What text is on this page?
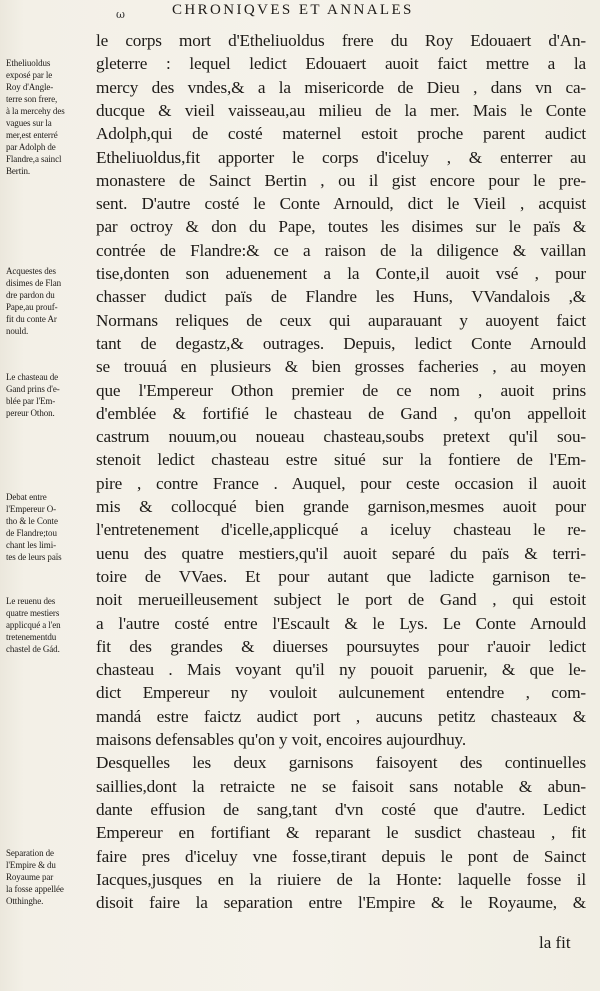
ω	CHRONIQVES ET ANNALES
Etheliuoldus
exposé par le
Roy d'Angle-
terre son frere,
à la mercehy des
vagues sur la
mer,est enterré
par Adolph de
Flandre,a saincl
Bertin.
Acquestes des
disimes de Flan
dre pardon du
Pape,au prouf-
fit du conte Ar
nould.
Le chasteau de
Gand prins d'e-
blée par l'Em-
pereur Othon.
Debat entre
l'Empereur O-
tho & le Conte
de Flandre;tou
chant les limi-
tes de leurs païs
Le reuenu des
quatre mestiers
applicqué a l'en
tretenementdu
chastel de Gád.
Separation de
l'Empire & du
Royaume par
la fosse appellée
Otthinghe.
le corps mort d'Etheliuoldus frere du Roy Edouaert d'An-
gleterre : lequel ledict Edouaert auoit faict mettre a la
mercy des vndes,& a la misericorde de Dieu , dans vn ca-
ducque & vieil vaisseau,au milieu de la mer. Mais le Conte
Adolph,qui de costé maternel estoit proche parent audict
Etheliuoldus,fit apporter le corps d'iceluy , & enterrer au
monastere de Sainct Bertin , ou il gist encore pour le pre-
sent. D'autre costé le Conte Arnould, dict le Vieil , acquist
par octroy & don du Pape, toutes les disimes sur le païs &
contrée de Flandre:& ce a raison de la diligence & vaillan
tise,donten son aduenement a la Conte,il auoit vsé , pour
chasser dudict païs de Flandre les Huns, VVandalois ,&
Normans reliques de ceux qui auparauant y auoyent faict
tant de degastz,& outrages. Depuis, ledict Conte Arnould
se trouuá en plusieurs & bien grosses facheries , au moyen
que l'Empereur Othon premier de ce nom , auoit prins
d'emblée & fortifié le chasteau de Gand , qu'on appelloit
castrum nouum,ou noueau chasteau,soubs pretext qu'il sou-
stenoit ledict chasteau estre situé sur la fontiere de l'Em-
pire , contre France . Auquel, pour ceste occasion il auoit
mis & collocqué bien grande garnison,mesmes auoit pour
l'entretenement d'icelle,applicqué a iceluy chasteau le re-
uenu des quatre mestiers,qu'il auoit separé du païs & terri-
toire de VVaes. Et pour autant que ladicte garnison te-
noit merueilleusement subject le port de Gand , qui estoit
a l'autre costé entre l'Escault & le Lys. Le Conte Arnould
fit des grandes & diuerses poursuytes pour r'auoir ledict
chasteau . Mais voyant qu'il ny pouoit paruenir, & que le-
dict Empereur ny vouloit aulcunement entendre , com-
mandá estre faictz audict port , aucuns petitz chasteaux &
maisons defensables qu'on y voit, encoires aujourdhuy.
Desquelles les deux garnisons faisoyent des continuelles
saillies,dont la retraicte ne se faisoit sans notable & abun-
dante effusion de sang,tant d'vn costé que d'autre. Ledict
Empereur en fortifiant & reparant le susdict chasteau , fit
faire pres d'iceluy vne fosse,tirant depuis le pont de Sainct
Iacques,jusques en la riuiere de la Honte: laquelle fosse il
disoit faire la separation entre l'Empire & le Royaume, &
la fit
